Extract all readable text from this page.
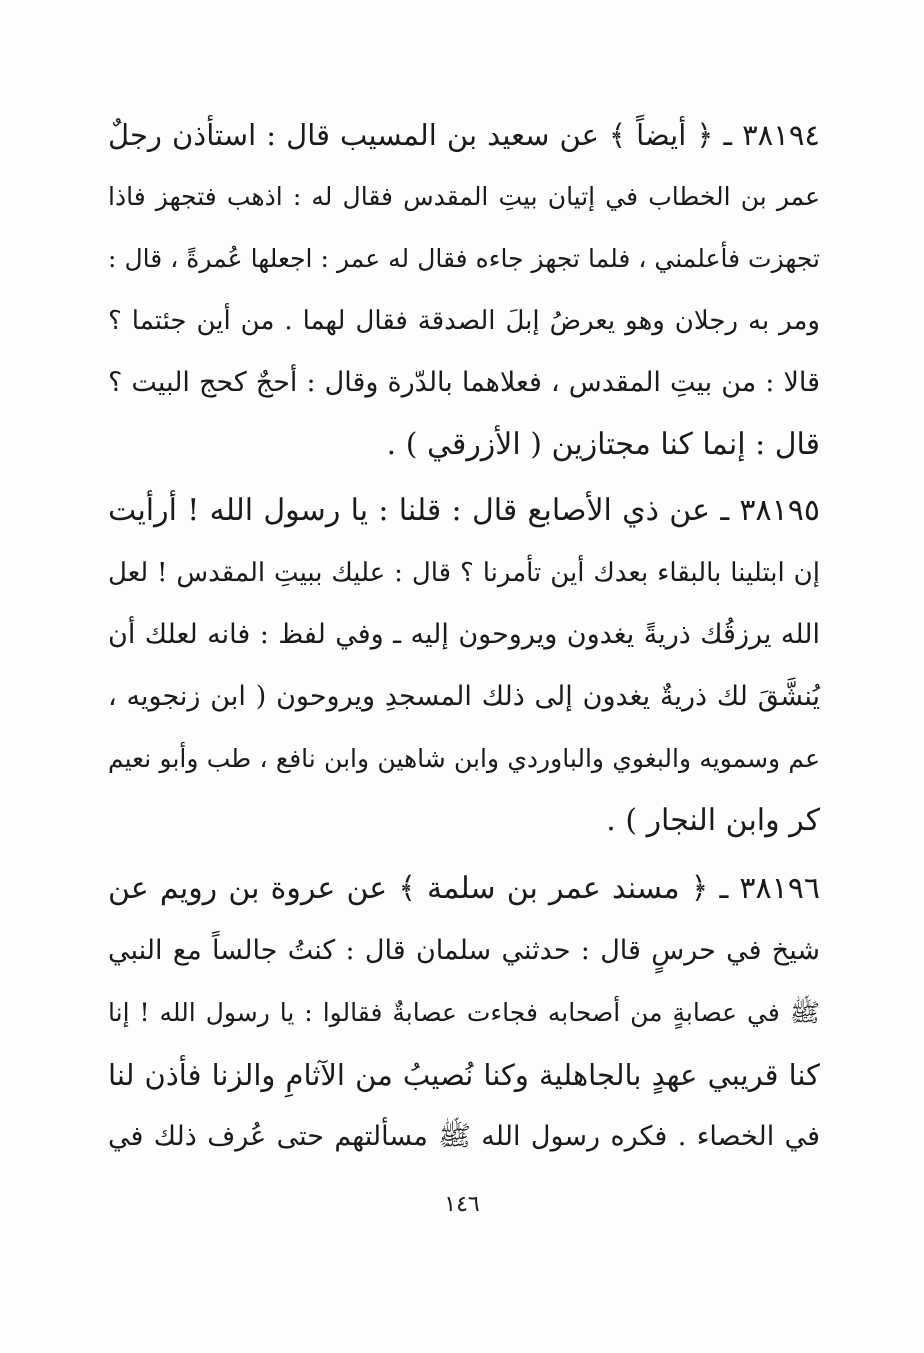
٣٨١٩٤ ـ ﴿ أيضاً ﴾ عن سعيد بن المسيب قال : استأذن رجلٌ
عمر بن الخطاب في إتيان بيتِ المقدس فقال له : اذهب فتجهز فاذا
تجهزت فأعلمني ، فلما تجهز جاءه فقال له عمر : اجعلها عُمرةً ، قال :
ومر به رجلان وهو يعرضُ إبلَ الصدقة فقال لهما . من أين جئتما ؟
قالا : من بيتِ المقدس ، فعلاهما بالدّرة وقال : أحجٌ كحج البيت ؟
قال : إنما كنا مجتازين ( الأزرقي ) .
٣٨١٩٥ ـ عن ذي الأصابع قال : قلنا : يا رسول الله ! أرأيت
إن ابتلينا بالبقاء بعدك أين تأمرنا ؟ قال : عليك ببيتِ المقدس ! لعل
الله يرزقُك ذريةً يغدون ويروحون إليه ـ وفي لفظ : فانه لعلك أن
يُنشَّقَ لك ذريةٌ يغدون إلى ذلك المسجدِ ويروحون ( ابن زنجويه ،
عم وسمويه والبغوي والباوردي وابن شاهين وابن نافع ، طب وأبو نعيم
كر وابن النجار ) .
٣٨١٩٦ ـ ﴿ مسند عمر بن سلمة ﴾ عن عروة بن رويم عن
شيخ في حرسٍ قال : حدثني سلمان قال : كنتُ جالساً مع النبي
ﷺ في عصابةٍ من أصحابه فجاءت عصابةٌ فقالوا : يا رسول الله ! إنا
كنا قريبي عهدٍ بالجاهلية وكنا نُصيبُ من الآثامِ والزنا فأذن لنا
في الخصاء . فكره رسول الله ﷺ مسألتهم حتى عُرف ذلك في
١٤٦
